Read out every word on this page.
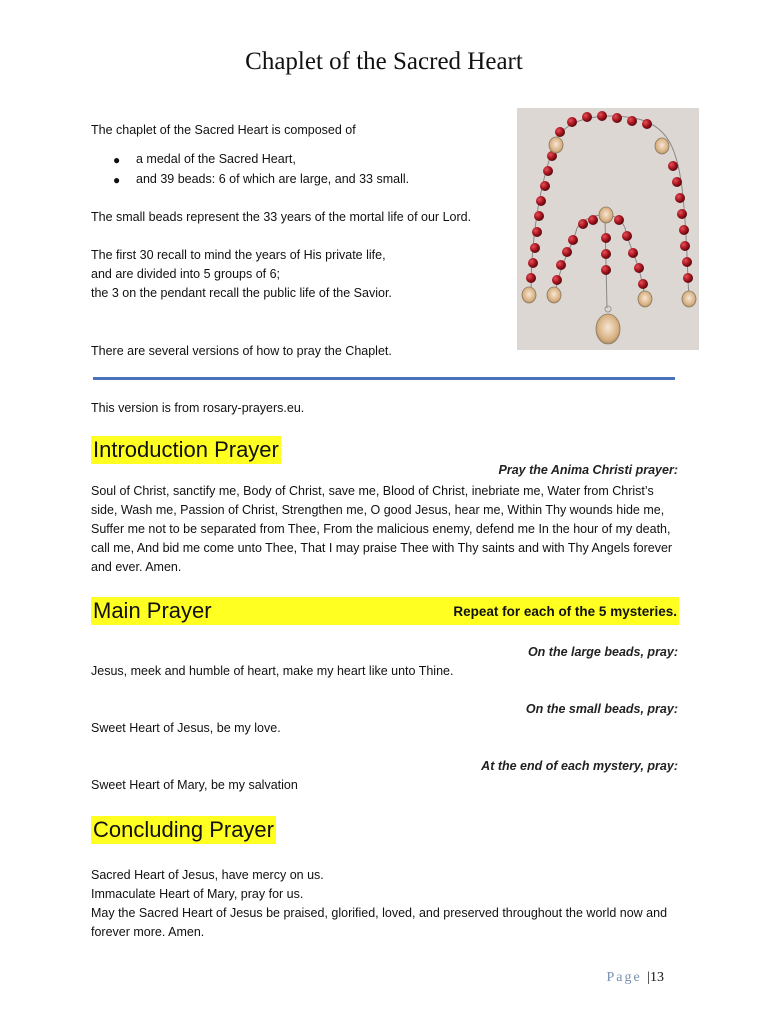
Chaplet of the Sacred Heart
The chaplet of the Sacred Heart is composed of
● a medal of the Sacred Heart,
● and 39 beads: 6 of which are large, and 33 small.
The small beads represent the 33 years of the mortal life of our Lord.
The first 30 recall to mind the years of His private life,
and are divided into 5 groups of 6;
the 3 on the pendant recall the public life of the Savior.
There are several versions of how to pray the Chaplet.
This version is from rosary-prayers.eu.
Introduction Prayer
Pray the Anima Christi prayer:
Soul of Christ, sanctify me, Body of Christ, save me, Blood of Christ, inebriate me, Water from Christ’s side, Wash me, Passion of Christ, Strengthen me, O good Jesus, hear me, Within Thy wounds hide me, Suffer me not to be separated from Thee, From the malicious enemy, defend me In the hour of my death, call me, And bid me come unto Thee, That I may praise Thee with Thy saints and with Thy Angels forever and ever. Amen.
Main Prayer	Repeat for each of the 5 mysteries.
On the large beads, pray:
Jesus, meek and humble of heart, make my heart like unto Thine.
On the small beads, pray:
Sweet Heart of Jesus, be my love.
At the end of each mystery, pray:
Sweet Heart of Mary, be my salvation
Concluding Prayer
Sacred Heart of Jesus, have mercy on us.
Immaculate Heart of Mary, pray for us.
May the Sacred Heart of Jesus be praised, glorified, loved, and preserved throughout the world now and forever more. Amen.
Page |13
